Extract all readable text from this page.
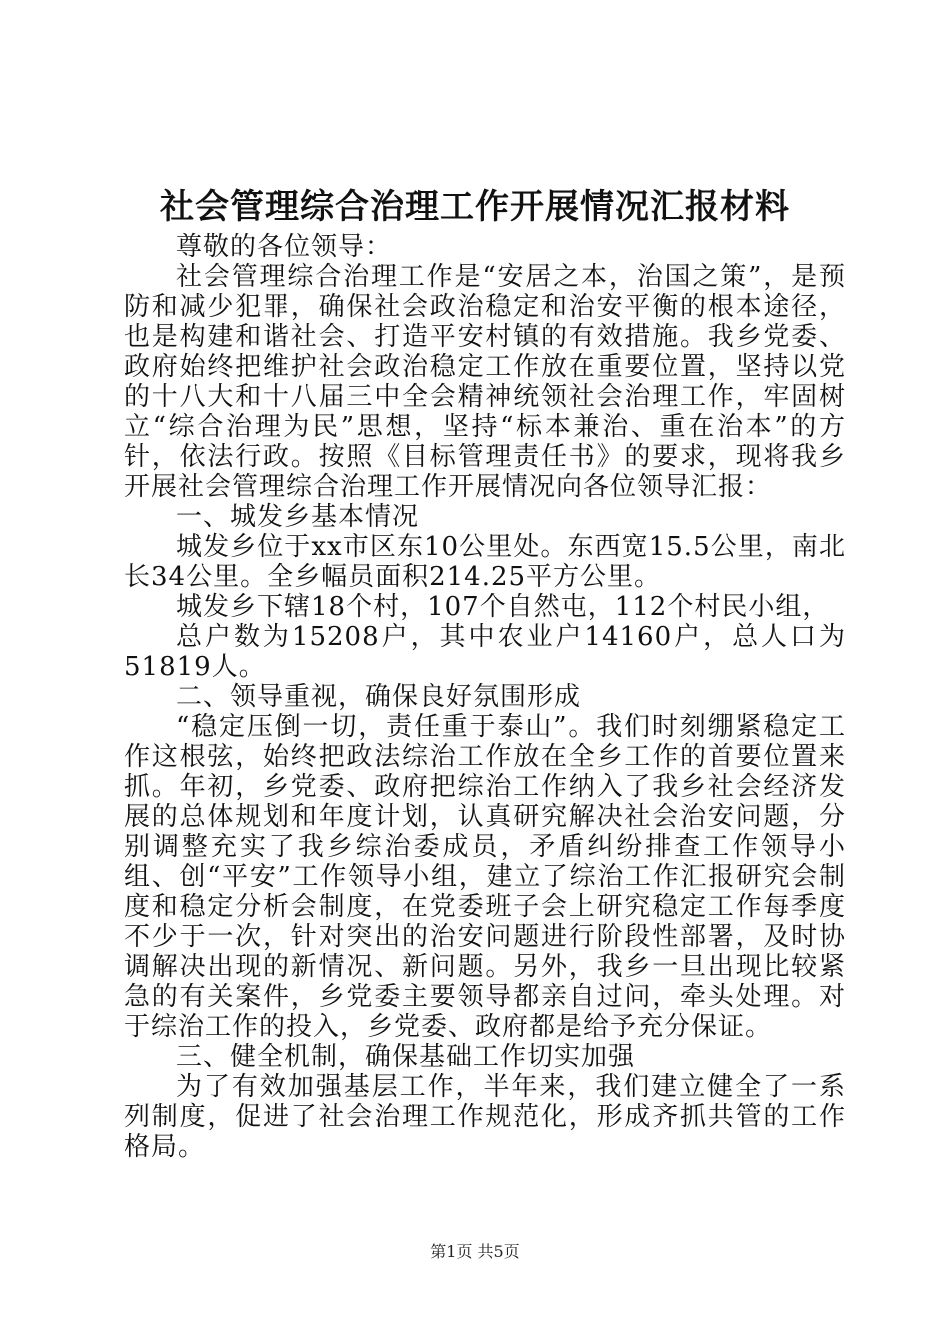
社会管理综合治理工作开展情况汇报材料

尊敬的各位领导：

社会管理综合治理工作是“安居之本，治国之策”，是预防和减少犯罪，确保社会政治稳定和治安平衡的根本途径，也是构建和谐社会、打造平安村镇的有效措施。我乡党委、政府始终把维护社会政治稳定工作放在重要位置，坚持以党的十八大和十八届三中全会精神统领社会治理工作，牢固树立“综合治理为民”思想，坚持“标本兼治、重在治本”的方针，依法行政。按照《目标管理责任书》的要求，现将我乡开展社会管理综合治理工作开展情况向各位领导汇报：

一、城发乡基本情况

城发乡位于xx市区东10公里处。东西宽15.5公里，南北长34公里。全乡幅员面积214.25平方公里。

城发乡下辖18个村，107个自然屯，112个村民小组，

总户数为15208户，其中农业户14160户，总人口为51819人。

二、领导重视，确保良好氛围形成

“稳定压倒一切，责任重于泰山”。我们时刻绷紧稳定工作这根弦，始终把政法综治工作放在全乡工作的首要位置来抓。年初，乡党委、政府把综治工作纳入了我乡社会经济发展的总体规划和年度计划，认真研究解决社会治安问题，分别调整充实了我乡综治委成员，矛盾纠纷排查工作领导小组、创“平安”工作领导小组，建立了综治工作汇报研究会制度和稳定分析会制度，在党委班子会上研究稳定工作每季度不少于一次，针对突出的治安问题进行阶段性部署，及时协调解决出现的新情况、新问题。另外，我乡一旦出现比较紧急的有关案件，乡党委主要领导都亲自过问，牵头处理。对于综治工作的投入，乡党委、政府都是给予充分保证。

三、健全机制，确保基础工作切实加强

为了有效加强基层工作，半年来，我们建立健全了一系列制度，促进了社会治理工作规范化，形成齐抓共管的工作格局。

第1页 共5页
